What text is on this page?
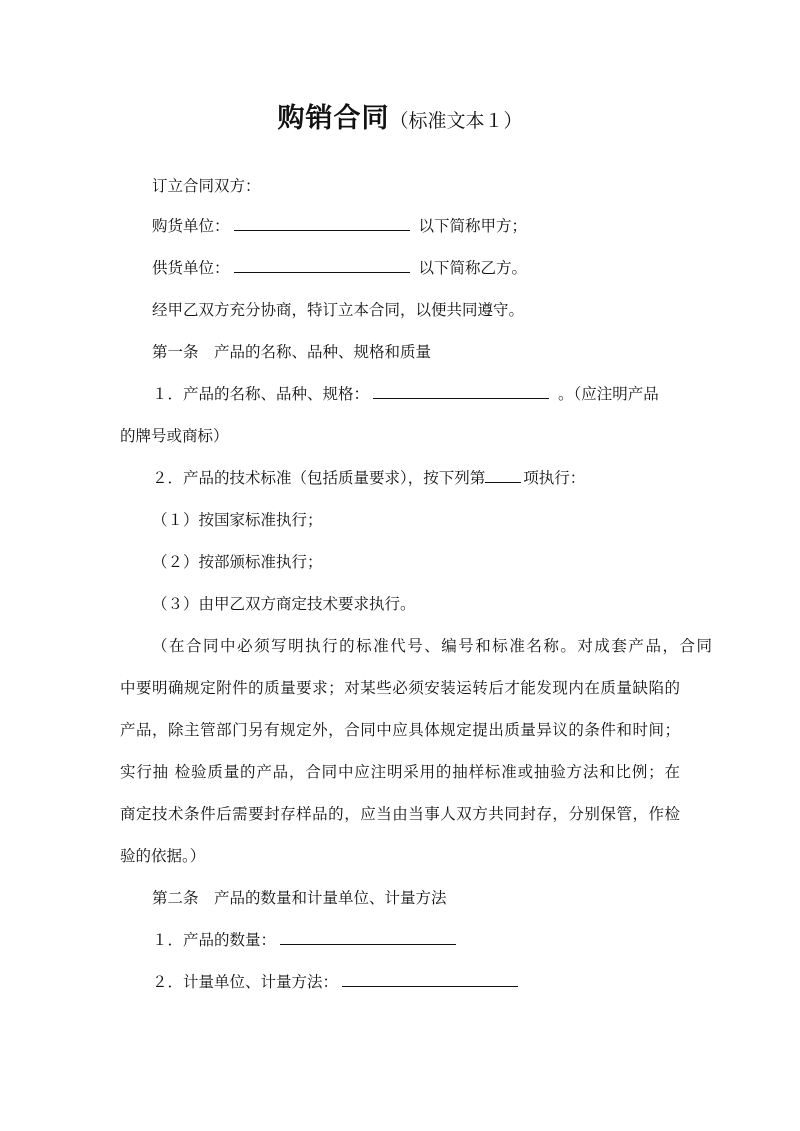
购销合同（标准文本１）
订立合同双方：
购货单位：	以下简称甲方；
供货单位：	以下简称乙方。
经甲乙双方充分协商，特订立本合同，以便共同遵守。
第一条　产品的名称、品种、规格和质量
１．产品的名称、品种、规格：	。（应注明产品
的牌号或商标）
２．产品的技术标准（包括质量要求），按下列第 项执行：
（１）按国家标准执行；
（２）按部颁标准执行；
（３）由甲乙双方商定技术要求执行。
（在合同中必须写明执行的标准代号、编号和标准名称。对成套产品，合同
中要明确规定附件的质量要求；对某些必须安装运转后才能发现内在质量缺陷的
产品，除主管部门另有规定外，合同中应具体规定提出质量异议的条件和时间；
实行抽 检验质量的产品，合同中应注明采用的抽样标准或抽验方法和比例；在
商定技术条件后需要封存样品的，应当由当事人双方共同封存，分别保管，作检
验的依据。）
第二条　产品的数量和计量单位、计量方法
１．产品的数量：
２．计量单位、计量方法：
